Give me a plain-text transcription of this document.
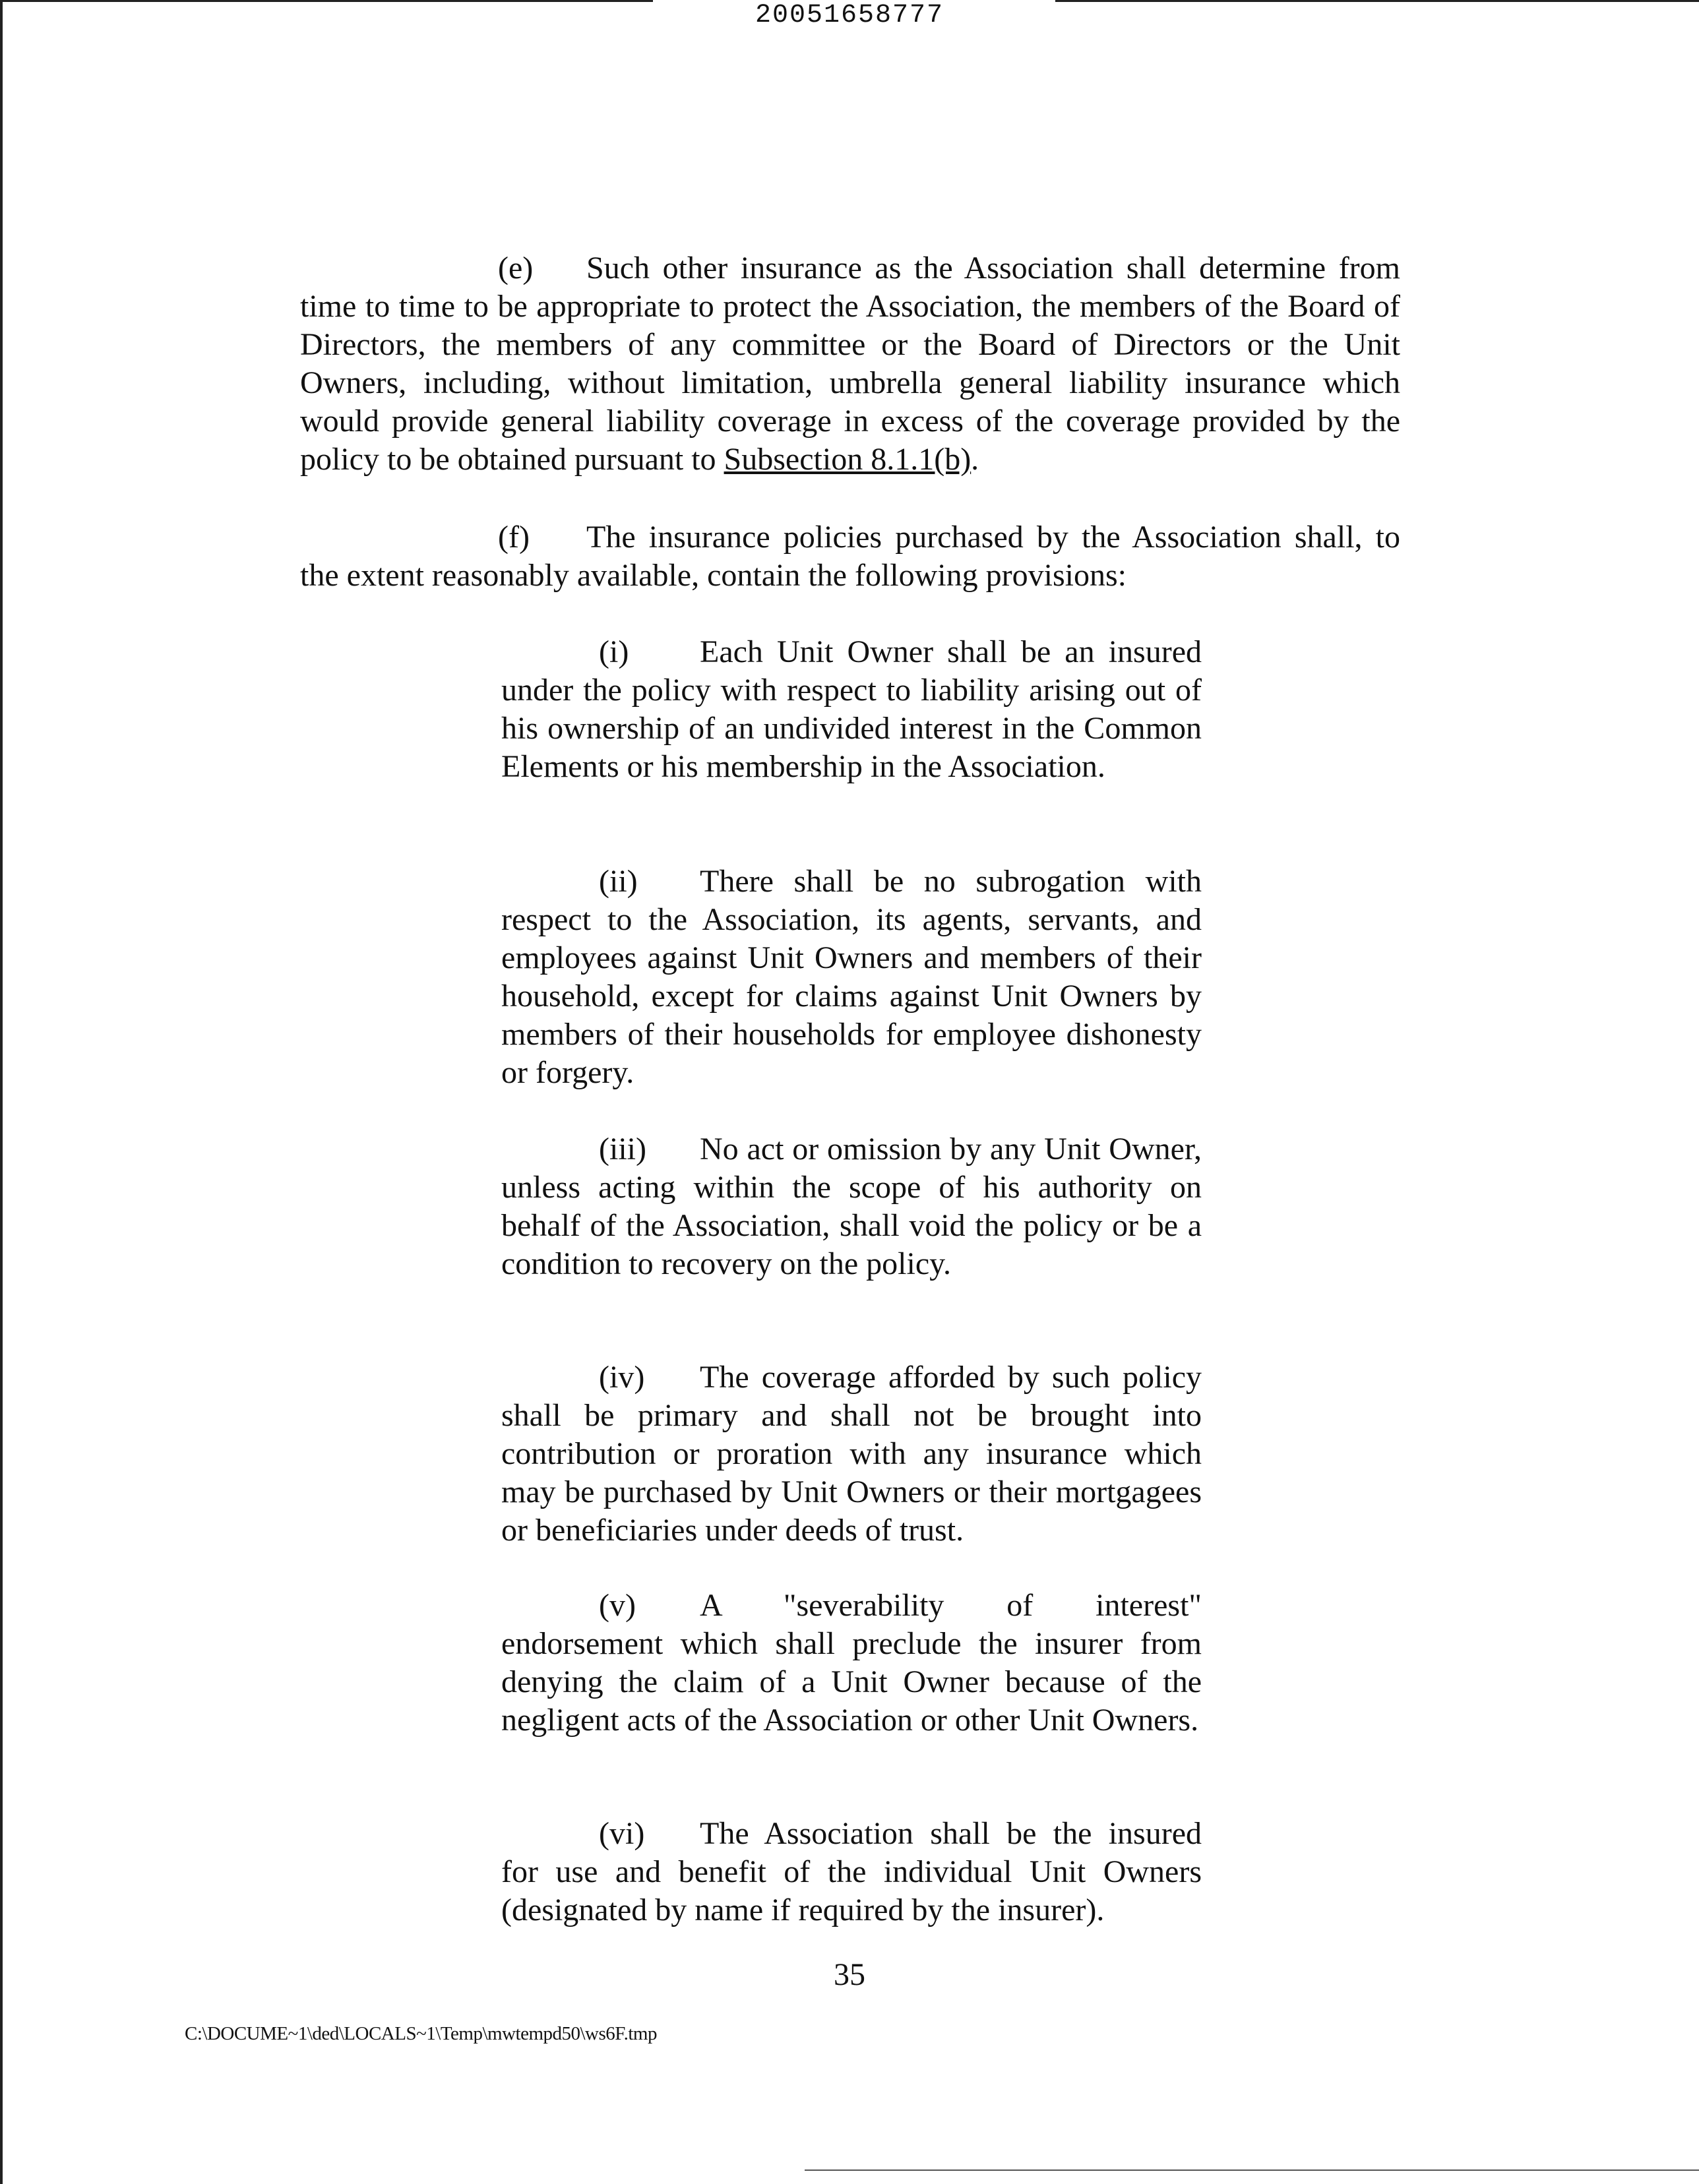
20051658777

(e) Such other insurance as the Association shall determine from time to time to be appropriate to protect the Association, the members of the Board of Directors, the members of any committee or the Board of Directors or the Unit Owners, including, without limitation, umbrella general liability insurance which would provide general liability coverage in excess of the coverage provided by the policy to be obtained pursuant to Subsection 8.1.1(b).

(f) The insurance policies purchased by the Association shall, to the extent reasonably available, contain the following provisions:

(i) Each Unit Owner shall be an insured under the policy with respect to liability arising out of his ownership of an undivided interest in the Common Elements or his membership in the Association.

(ii) There shall be no subrogation with respect to the Association, its agents, servants, and employees against Unit Owners and members of their household, except for claims against Unit Owners by members of their households for employee dishonesty or forgery.

(iii) No act or omission by any Unit Owner, unless acting within the scope of his authority on behalf of the Association, shall void the policy or be a condition to recovery on the policy.

(iv) The coverage afforded by such policy shall be primary and shall not be brought into contribution or proration with any insurance which may be purchased by Unit Owners or their mortgagees or beneficiaries under deeds of trust.

(v) A "severability of interest" endorsement which shall preclude the insurer from denying the claim of a Unit Owner because of the negligent acts of the Association or other Unit Owners.

(vi) The Association shall be the insured for use and benefit of the individual Unit Owners (designated by name if required by the insurer).

35
C:\DOCUME~1\ded\LOCALS~1\Temp\mwtempd50\ws6F.tmp
